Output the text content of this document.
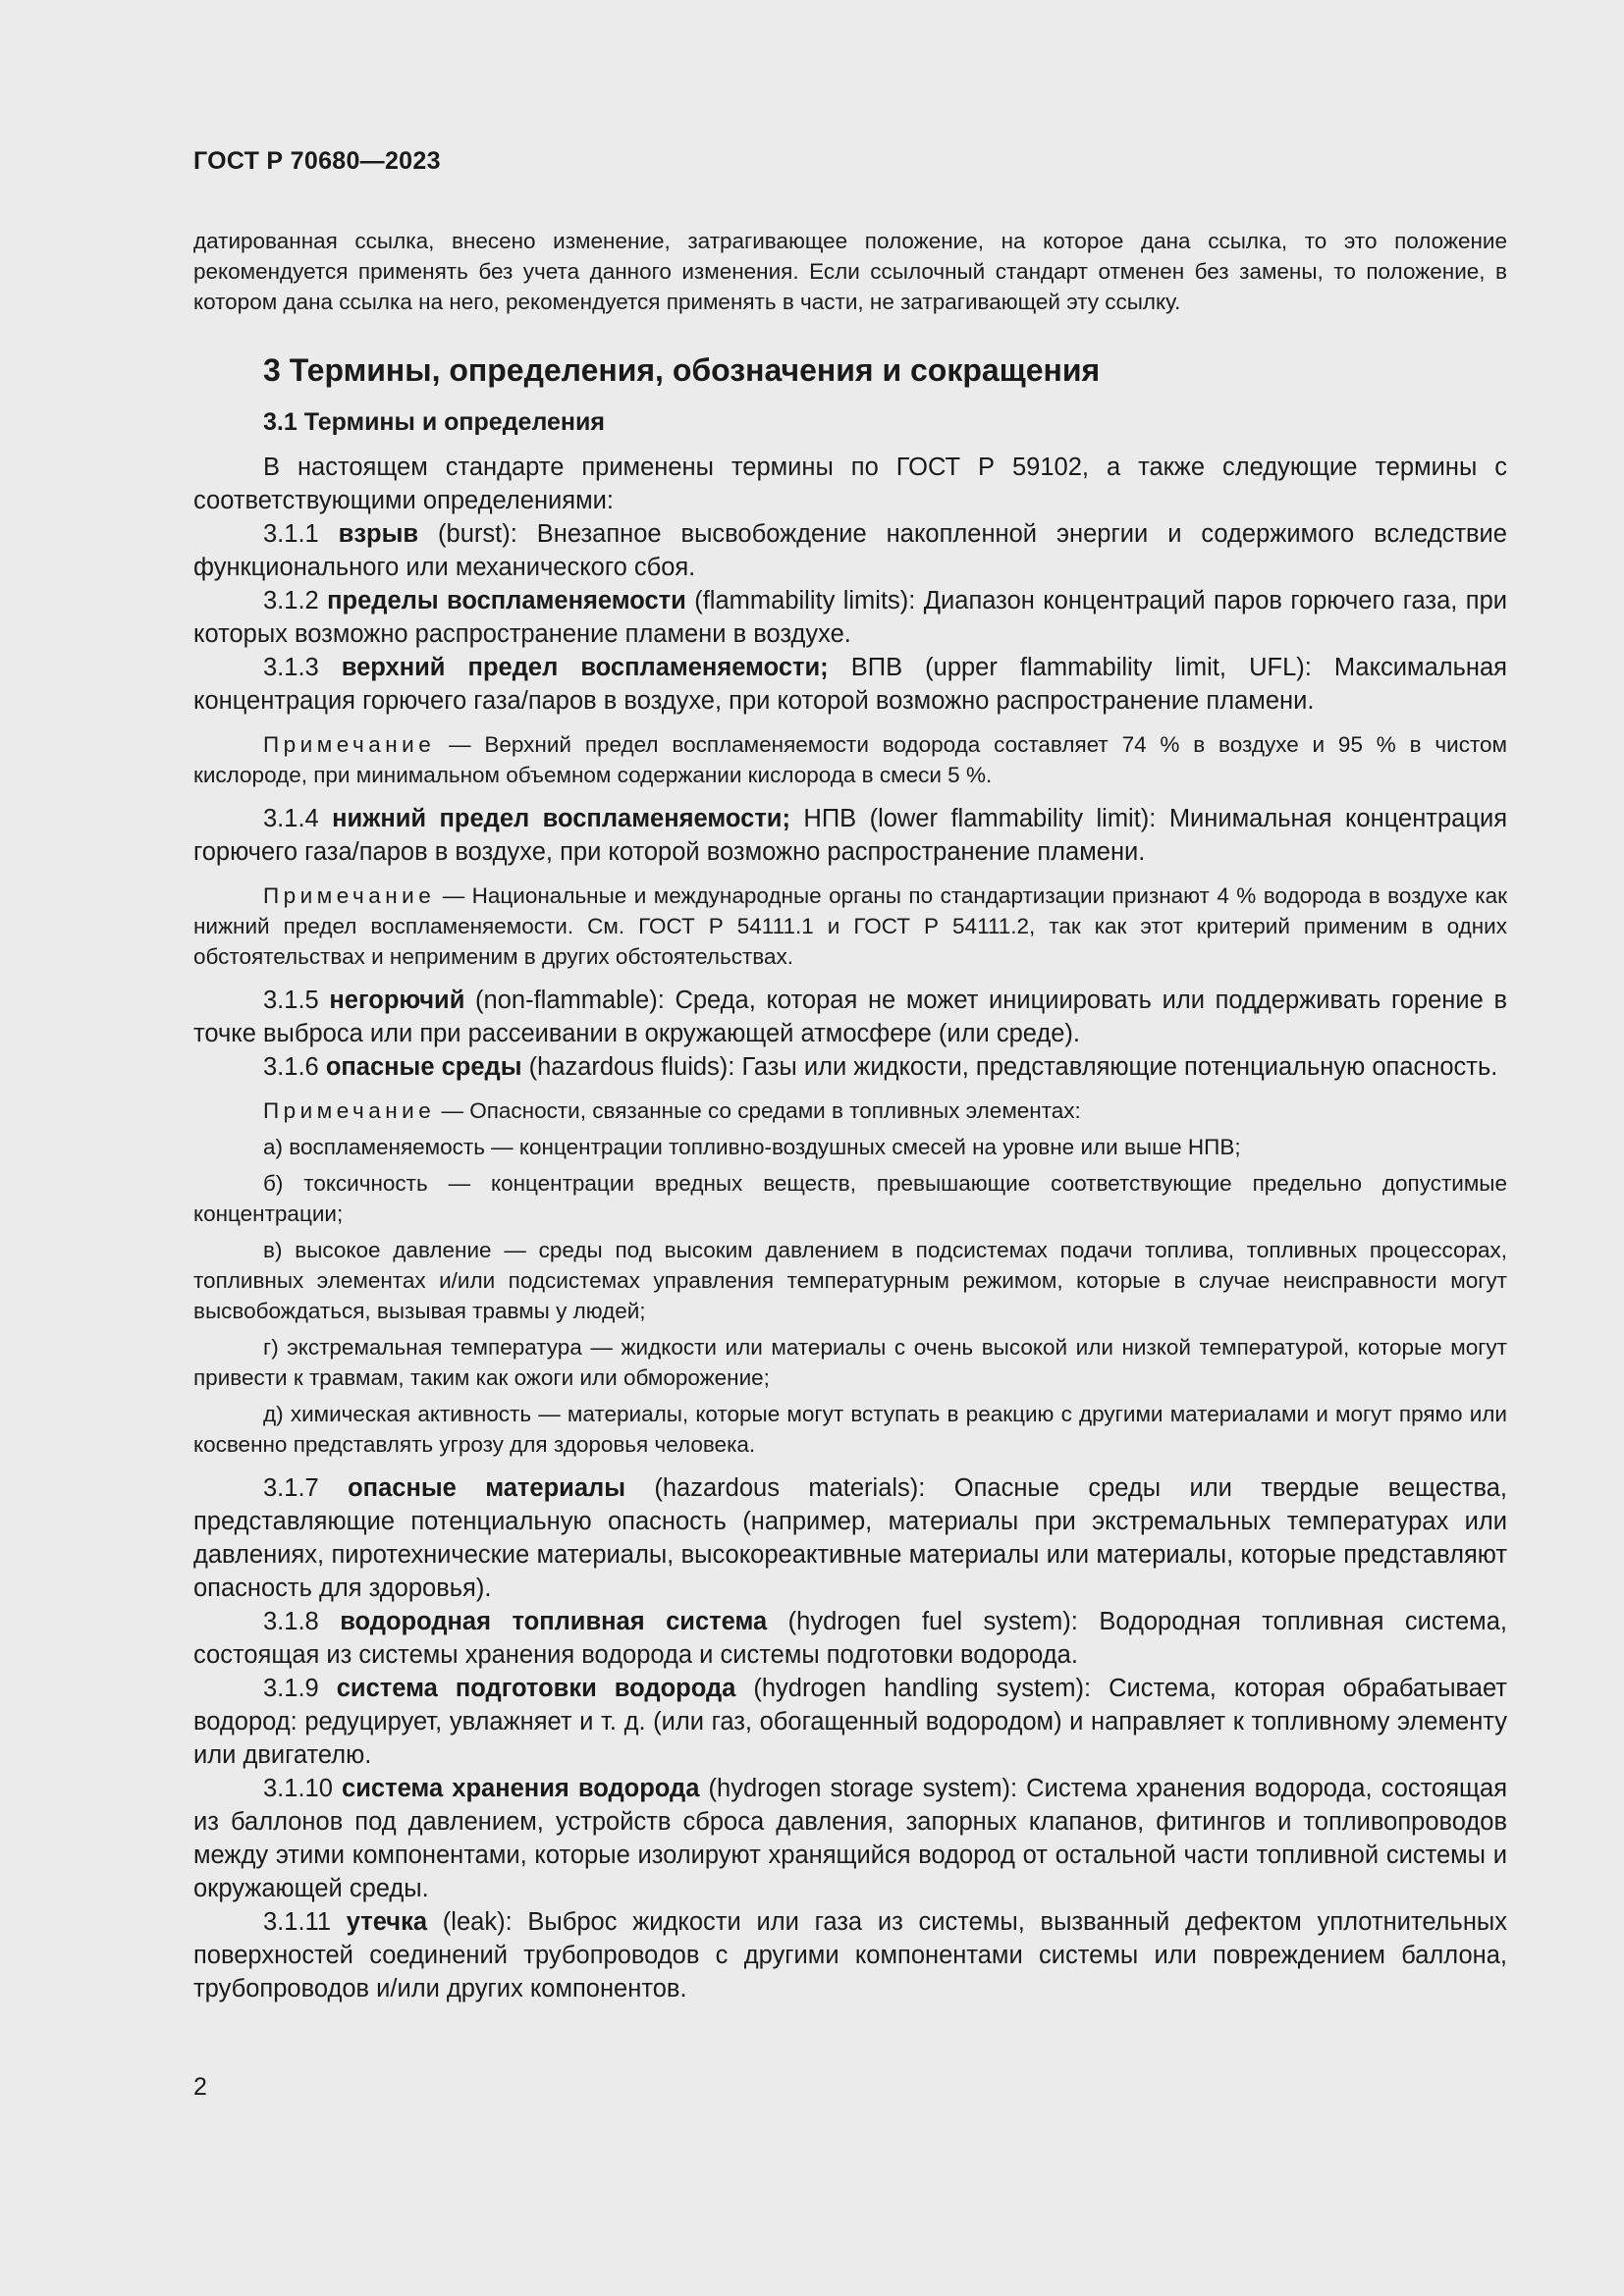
ГОСТ Р 70680—2023

датированная ссылка, внесено изменение, затрагивающее положение, на которое дана ссылка, то это положение рекомендуется применять без учета данного изменения. Если ссылочный стандарт отменен без замены, то положение, в котором дана ссылка на него, рекомендуется применять в части, не затрагивающей эту ссылку.

3 Термины, определения, обозначения и сокращения
3.1 Термины и определения

В настоящем стандарте применены термины по ГОСТ Р 59102, а также следующие термины с соответствующими определениями:

3.1.1 взрыв (burst): Внезапное высвобождение накопленной энергии и содержимого вследствие функционального или механического сбоя.

3.1.2 пределы воспламеняемости (flammability limits): Диапазон концентраций паров горючего газа, при которых возможно распространение пламени в воздухе.

3.1.3 верхний предел воспламеняемости; ВПВ (upper flammability limit, UFL): Максимальная концентрация горючего газа/паров в воздухе, при которой возможно распространение пламени.

Примечание — Верхний предел воспламеняемости водорода составляет 74 % в воздухе и 95 % в чистом кислороде, при минимальном объемном содержании кислорода в смеси 5 %.

3.1.4 нижний предел воспламеняемости; НПВ (lower flammability limit): Минимальная концентрация горючего газа/паров в воздухе, при которой возможно распространение пламени.

Примечание — Национальные и международные органы по стандартизации признают 4 % водорода в воздухе как нижний предел воспламеняемости. См. ГОСТ Р 54111.1 и ГОСТ Р 54111.2, так как этот критерий применим в одних обстоятельствах и неприменим в других обстоятельствах.

3.1.5 негорючий (non-flammable): Среда, которая не может инициировать или поддерживать горение в точке выброса или при рассеивании в окружающей атмосфере (или среде).

3.1.6 опасные среды (hazardous fluids): Газы или жидкости, представляющие потенциальную опасность.

Примечание — Опасности, связанные со средами в топливных элементах:

а) воспламеняемость — концентрации топливно-воздушных смесей на уровне или выше НПВ;

б) токсичность — концентрации вредных веществ, превышающие соответствующие предельно допустимые концентрации;

в) высокое давление — среды под высоким давлением в подсистемах подачи топлива, топливных процессорах, топливных элементах и/или подсистемах управления температурным режимом, которые в случае неисправности могут высвобождаться, вызывая травмы у людей;

г) экстремальная температура — жидкости или материалы с очень высокой или низкой температурой, которые могут привести к травмам, таким как ожоги или обморожение;

д) химическая активность — материалы, которые могут вступать в реакцию с другими материалами и могут прямо или косвенно представлять угрозу для здоровья человека.

3.1.7 опасные материалы (hazardous materials): Опасные среды или твердые вещества, представляющие потенциальную опасность (например, материалы при экстремальных температурах или давлениях, пиротехнические материалы, высокореактивные материалы или материалы, которые представляют опасность для здоровья).

3.1.8 водородная топливная система (hydrogen fuel system): Водородная топливная система, состоящая из системы хранения водорода и системы подготовки водорода.

3.1.9 система подготовки водорода (hydrogen handling system): Система, которая обрабатывает водород: редуцирует, увлажняет и т. д. (или газ, обогащенный водородом) и направляет к топливному элементу или двигателю.

3.1.10 система хранения водорода (hydrogen storage system): Система хранения водорода, состоящая из баллонов под давлением, устройств сброса давления, запорных клапанов, фитингов и топливопроводов между этими компонентами, которые изолируют хранящийся водород от остальной части топливной системы и окружающей среды.

3.1.11 утечка (leak): Выброс жидкости или газа из системы, вызванный дефектом уплотнительных поверхностей соединений трубопроводов с другими компонентами системы или повреждением баллона, трубопроводов и/или других компонентов.

2
